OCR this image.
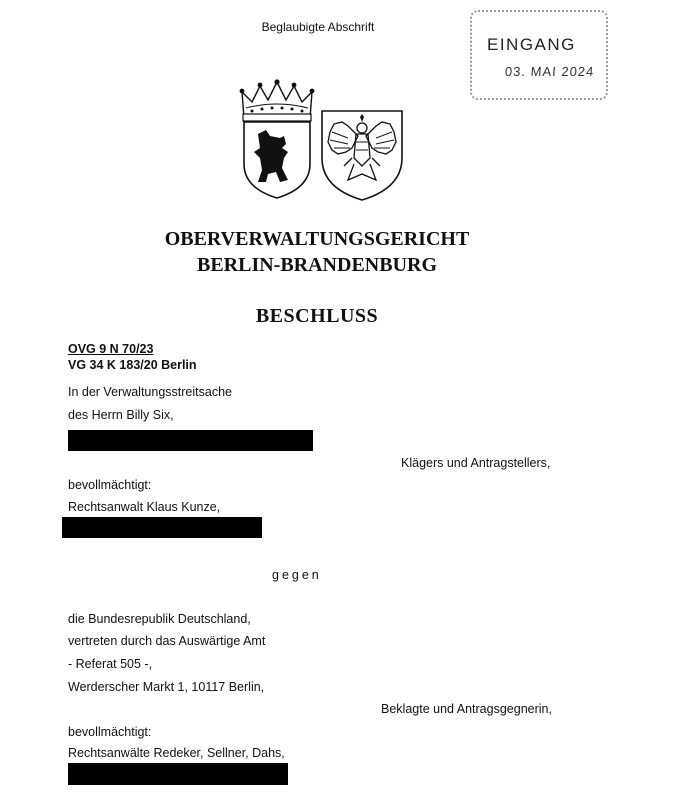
Beglaubigte Abschrift
EINGANG
03. MAI 2024
OBERVERWALTUNGSGERICHT
BERLIN-BRANDENBURG
BESCHLUSS
OVG 9 N 70/23
VG 34 K 183/20 Berlin
In der Verwaltungsstreitsache
des Herrn Billy Six,
Klägers und Antragstellers,
bevollmächtigt:
Rechtsanwalt Klaus Kunze,
gegen
die Bundesrepublik Deutschland,
vertreten durch das Auswärtige Amt
- Referat 505 -,
Werderscher Markt 1, 10117 Berlin,
Beklagte und Antragsgegnerin,
bevollmächtigt:
Rechtsanwälte Redeker, Sellner, Dahs,
